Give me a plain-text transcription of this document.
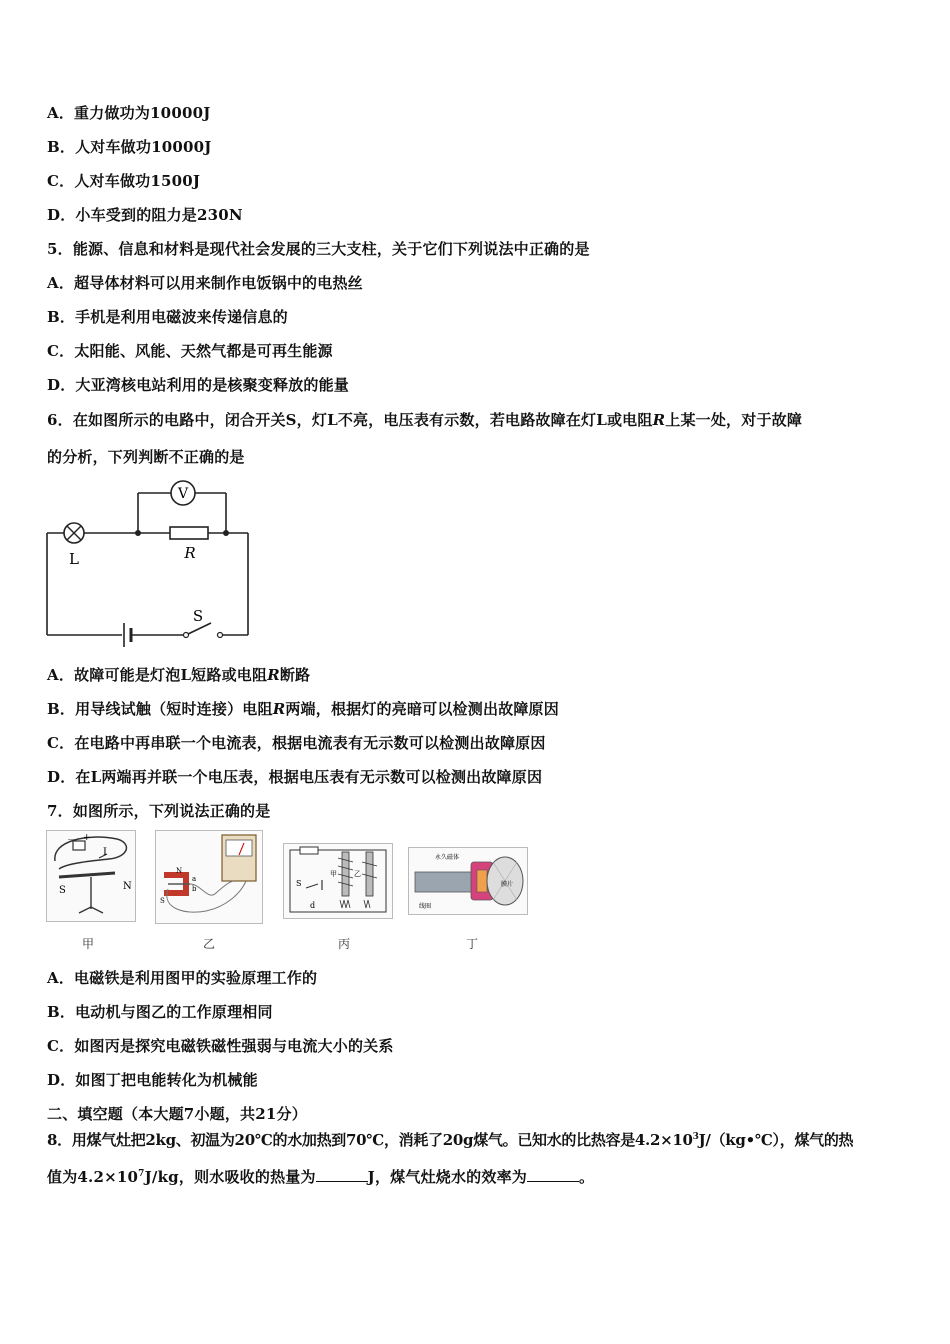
A．重力做功为10000J
B．人对车做功10000J
C．人对车做功1500J
D．小车受到的阻力是230N
5．能源、信息和材料是现代社会发展的三大支柱，关于它们下列说法中正确的是
A．超导体材料可以用来制作电饭锅中的电热丝
B．手机是利用电磁波来传递信息的
C．太阳能、风能、天然气都是可再生能源
D．大亚湾核电站利用的是核聚变释放的能量
6．在如图所示的电路中，闭合开关S，灯L不亮，电压表有示数，若电路故障在灯L或电阻R上某一处，对于故障
的分析，下列判断不正确的是
V
L	R
S
A．故障可能是灯泡L短路或电阻R断路
B．用导线试触（短时连接）电阻R两端，根据灯的亮暗可以检测出故障原因
C．在电路中再串联一个电流表，根据电流表有无示数可以检测出故障原因
D．在L两端再并联一个电压表，根据电压表有无示数可以检测出故障原因
7．如图所示，下列说法正确的是
－ +
I
S	N
N
a
b
S
S
d
甲 乙
永久磁体
线圈
膜片
甲	乙	丙	丁
A．电磁铁是利用图甲的实验原理工作的
B．电动机与图乙的工作原理相同
C．如图丙是探究电磁铁磁性强弱与电流大小的关系
D．如图丁把电能转化为机械能
二、填空题（本大题7小题，共21分）
8．用煤气灶把2kg、初温为20℃的水加热到70℃，消耗了20g煤气。已知水的比热容是$4.2\times 10^3J/(kg•℃)$，煤气的热
值为$4.2\times 10^7J/kg$，则水吸收的热量为	J，煤气灶烧水的效率为	。
